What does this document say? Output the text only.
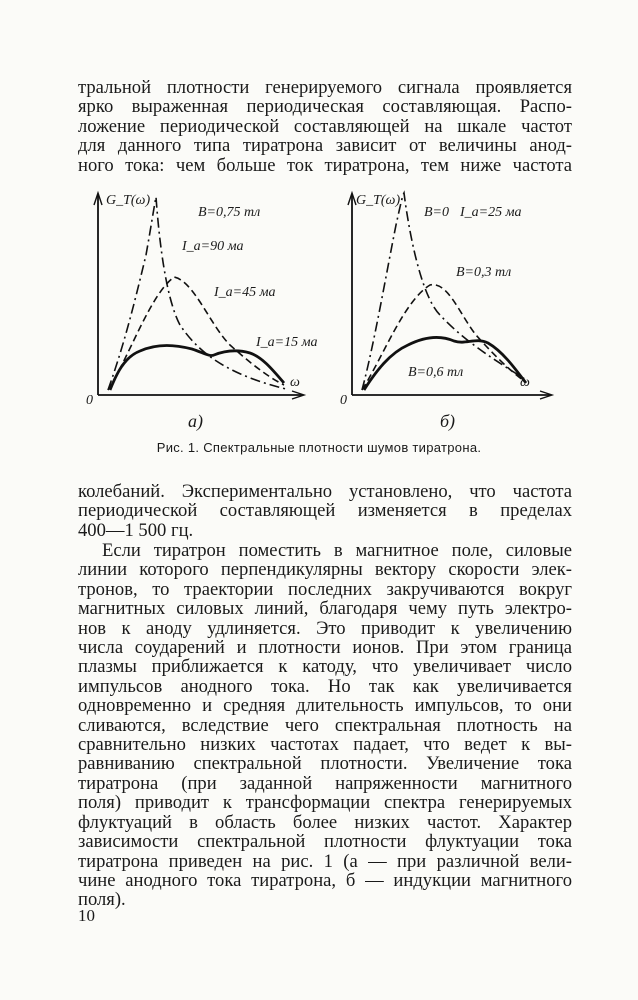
тральной плотности генерируемого сигнала проявляется
ярко выраженная периодическая составляющая. Распо-
ложение периодической составляющей на шкале частот
для данного типа тиратрона зависит от величины анод-
ного тока: чем больше ток тиратрона, тем ниже частота
G_T(ω)
ω
0
B=0,75 тл
I_a=90 ма
I_a=45 ма
I_a=15 ма
а)
G_T(ω)
ω
0
B=0 I_a=25 ма
B=0,3 тл
B=0,6 тл
б)
Рис. 1. Спектральные плотности шумов тиратрона.
колебаний. Экспериментально установлено, что частота
периодической составляющей изменяется в пределах
400—1 500 гц.
Если тиратрон поместить в магнитное поле, силовые
линии которого перпендикулярны вектору скорости элек-
тронов, то траектории последних закручиваются вокруг
магнитных силовых линий, благодаря чему путь электро-
нов к аноду удлиняется. Это приводит к увеличению
числа соударений и плотности ионов. При этом граница
плазмы приближается к катоду, что увеличивает число
импульсов анодного тока. Но так как увеличивается
одновременно и средняя длительность импульсов, то они
сливаются, вследствие чего спектральная плотность на
сравнительно низких частотах падает, что ведет к вы-
равниванию спектральной плотности. Увеличение тока
тиратрона (при заданной напряженности магнитного
поля) приводит к трансформации спектра генерируемых
флуктуаций в область более низких частот. Характер
зависимости спектральной плотности флуктуации тока
тиратрона приведен на рис. 1 (а — при различной вели-
чине анодного тока тиратрона, б — индукции магнитного
поля).
10
